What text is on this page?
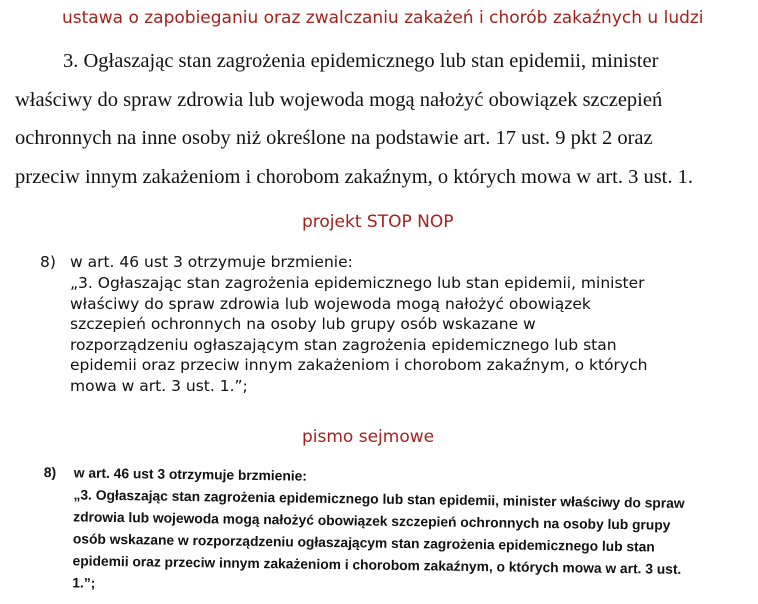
ustawa o zapobieganiu oraz zwalczaniu zakażeń i chorób zakaźnych u ludzi

3. Ogłaszając stan zagrożenia epidemicznego lub stan epidemii, minister

właściwy do spraw zdrowia lub wojewoda mogą nałożyć obowiązek szczepień

ochronnych na inne osoby niż określone na podstawie art. 17 ust. 9 pkt 2 oraz

przeciw innym zakażeniom i chorobom zakaźnym, o których mowa w art. 3 ust. 1.

projekt STOP NOP
8) w art. 46 ust 3 otrzymuje brzmienie:
„3. Ogłaszając stan zagrożenia epidemicznego lub stan epidemii, minister
właściwy do spraw zdrowia lub wojewoda mogą nałożyć obowiązek
szczepień ochronnych na osoby lub grupy osób wskazane w
rozporządzeniu ogłaszającym stan zagrożenia epidemicznego lub stan
epidemii oraz przeciw innym zakażeniom i chorobom zakaźnym, o których
mowa w art. 3 ust. 1.”;
pismo sejmowe
8) w art. 46 ust 3 otrzymuje brzmienie:
„3. Ogłaszając stan zagrożenia epidemicznego lub stan epidemii, minister właściwy do spraw
zdrowia lub wojewoda mogą nałożyć obowiązek szczepień ochronnych na osoby lub grupy
osób wskazane w rozporządzeniu ogłaszającym stan zagrożenia epidemicznego lub stan
epidemii oraz przeciw innym zakażeniom i chorobom zakaźnym, o których mowa w art. 3 ust.
1.”;
